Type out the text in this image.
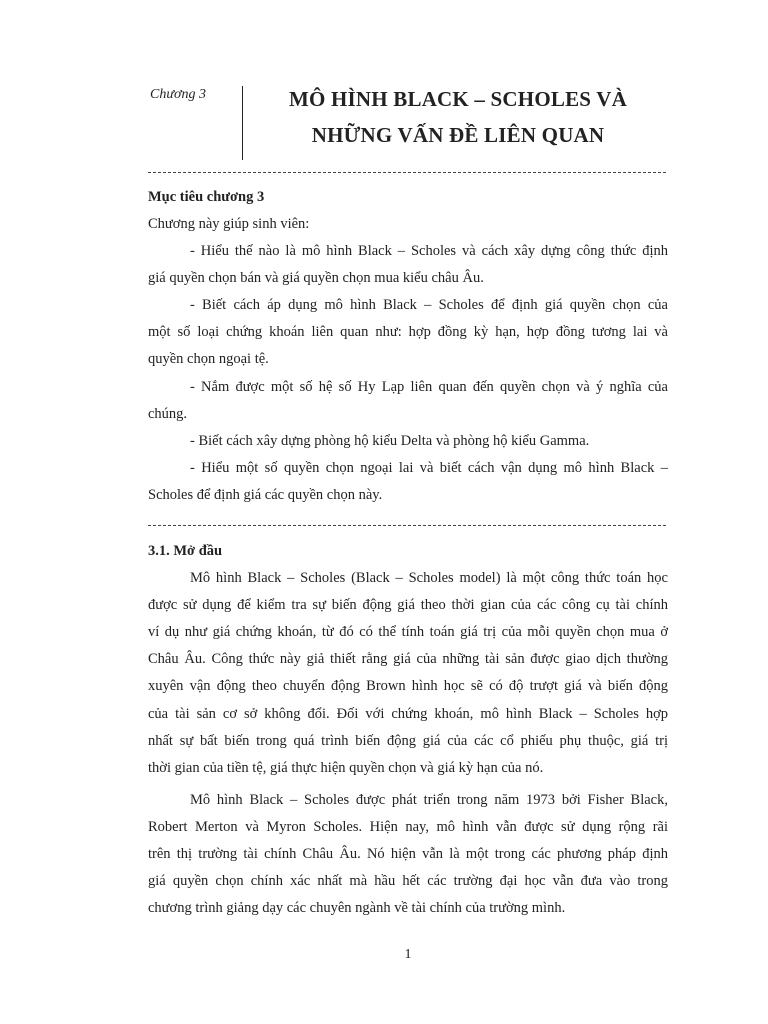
Chương 3	MÔ HÌNH BLACK – SCHOLES VÀ
NHỮNG VẤN ĐỀ LIÊN QUAN
Mục tiêu chương 3
Chương này giúp sinh viên:
- Hiểu thế nào là mô hình Black – Scholes và cách xây dựng công thức định
giá quyền chọn bán và giá quyền chọn mua kiểu châu Âu.
- Biết cách áp dụng mô hình Black – Scholes để định giá quyền chọn của
một số loại chứng khoán liên quan như: hợp đồng kỳ hạn, hợp đồng tương lai và
quyền chọn ngoại tệ.
- Nắm được một số hệ số Hy Lạp liên quan đến quyền chọn và ý nghĩa của
chúng.
- Biết cách xây dựng phòng hộ kiểu Delta và phòng hộ kiểu Gamma.
- Hiểu một số quyền chọn ngoại lai và biết cách vận dụng mô hình Black –
Scholes để định giá các quyền chọn này.
3.1. Mở đầu
Mô hình Black – Scholes (Black – Scholes model) là một công thức toán học
được sử dụng để kiểm tra sự biến động giá theo thời gian của các công cụ tài chính
ví dụ như giá chứng khoán, từ đó có thể tính toán giá trị của mỗi quyền chọn mua ở
Châu Âu. Công thức này giả thiết rằng giá của những tài sản được giao dịch thường
xuyên vận động theo chuyển động Brown hình học sẽ có độ trượt giá và biến động
của tài sản cơ sở không đổi. Đối với chứng khoán, mô hình Black – Scholes hợp
nhất sự bất biến trong quá trình biến động giá của các cổ phiếu phụ thuộc, giá trị
thời gian của tiền tệ, giá thực hiện quyền chọn và giá kỳ hạn của nó.
Mô hình Black – Scholes được phát triển trong năm 1973 bởi Fisher Black,
Robert Merton và Myron Scholes. Hiện nay, mô hình vẫn được sử dụng rộng rãi
trên thị trường tài chính Châu Âu. Nó hiện vẫn là một trong các phương pháp định
giá quyền chọn chính xác nhất mà hầu hết các trường đại học vẫn đưa vào trong
chương trình giảng dạy các chuyên ngành về tài chính của trường mình.
1
